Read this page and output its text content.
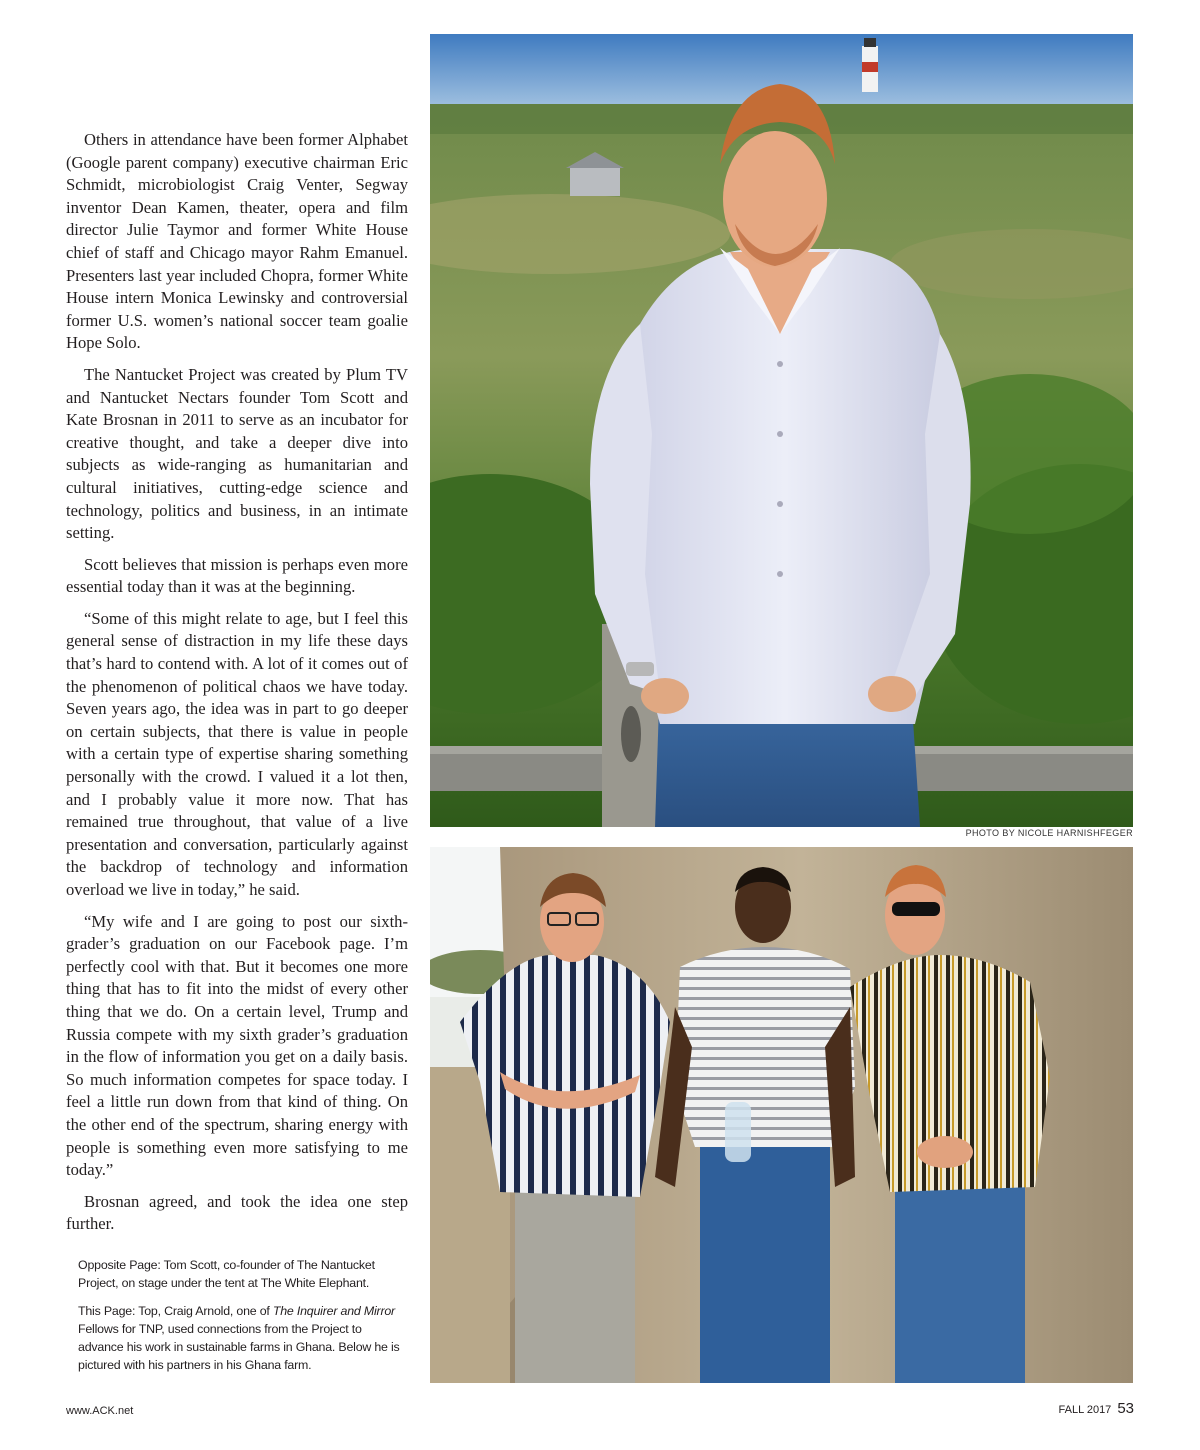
Others in attendance have been former Alphabet (Google parent company) executive chairman Eric Schmidt, microbiologist Craig Venter, Segway inventor Dean Kamen, theater, opera and film director Julie Taymor and former White House chief of staff and Chicago mayor Rahm Emanuel. Presenters last year included Chopra, former White House intern Monica Lewinsky and controversial former U.S. women’s national soccer team goalie Hope Solo.

The Nantucket Project was created by Plum TV and Nantucket Nectars founder Tom Scott and Kate Brosnan in 2011 to serve as an incubator for creative thought, and take a deeper dive into subjects as wide-ranging as humanitarian and cultural initiatives, cutting-edge science and technology, politics and business, in an intimate setting.

Scott believes that mission is perhaps even more essential today than it was at the beginning.

“Some of this might relate to age, but I feel this general sense of distraction in my life these days that’s hard to contend with. A lot of it comes out of the phenomenon of political chaos we have today. Seven years ago, the idea was in part to go deeper on certain subjects, that there is value in people with a certain type of expertise sharing something personally with the crowd. I valued it a lot then, and I probably value it more now. That has remained true throughout, that value of a live presentation and conversation, particularly against the backdrop of technology and information overload we live in today,” he said.

“My wife and I are going to post our sixth-grader’s graduation on our Facebook page. I’m perfectly cool with that. But it becomes one more thing that has to fit into the midst of every other thing that we do. On a certain level, Trump and Russia compete with my sixth grader’s graduation in the flow of information you get on a daily basis. So much information competes for space today. I feel a little run down from that kind of thing. On the other end of the spectrum, sharing energy with people is something even more satisfying to me today.”

Brosnan agreed, and took the idea one step further.

Opposite Page: Tom Scott, co-founder of The Nantucket Project, on stage under the tent at The White Elephant.

This Page: Top, Craig Arnold, one of The Inquirer and Mirror Fellows for TNP, used connections from the Project to advance his work in sustainable farms in Ghana. Below he is pictured with his partners in his Ghana farm.

PHOTO BY NICOLE HARNISHFEGER
www.ACK.net	FALL 2017 53
